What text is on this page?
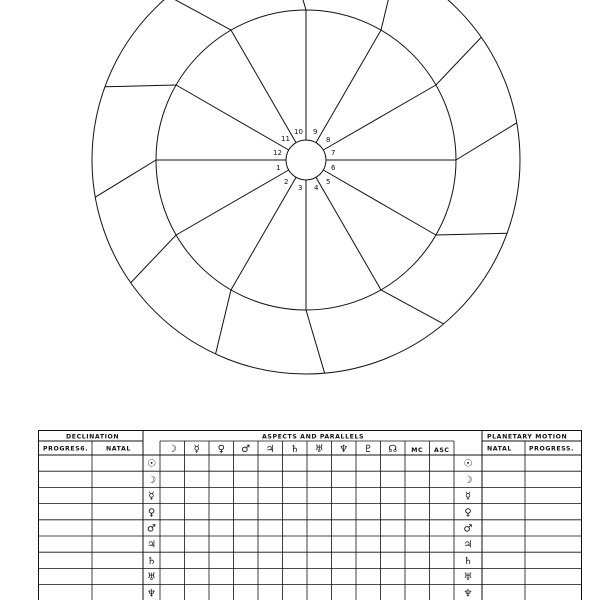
1
2
3 4
5
6
7
8
9
10
11
12
DECLINATION	ASPECTS AND PARALLELS	PLANETARY MOTION
PROGRES6.	NATAL	NATAL	PROGRESS.
☽ ☿ ♀ ♂ ♃ ♄ ♅ ♆ ♇ ☊ MC ASC
☉	☉
☽	☽
☿	☿
♀	♀
♂	♂
♃	♃
♄	♄
♅	♅
♆	♆
